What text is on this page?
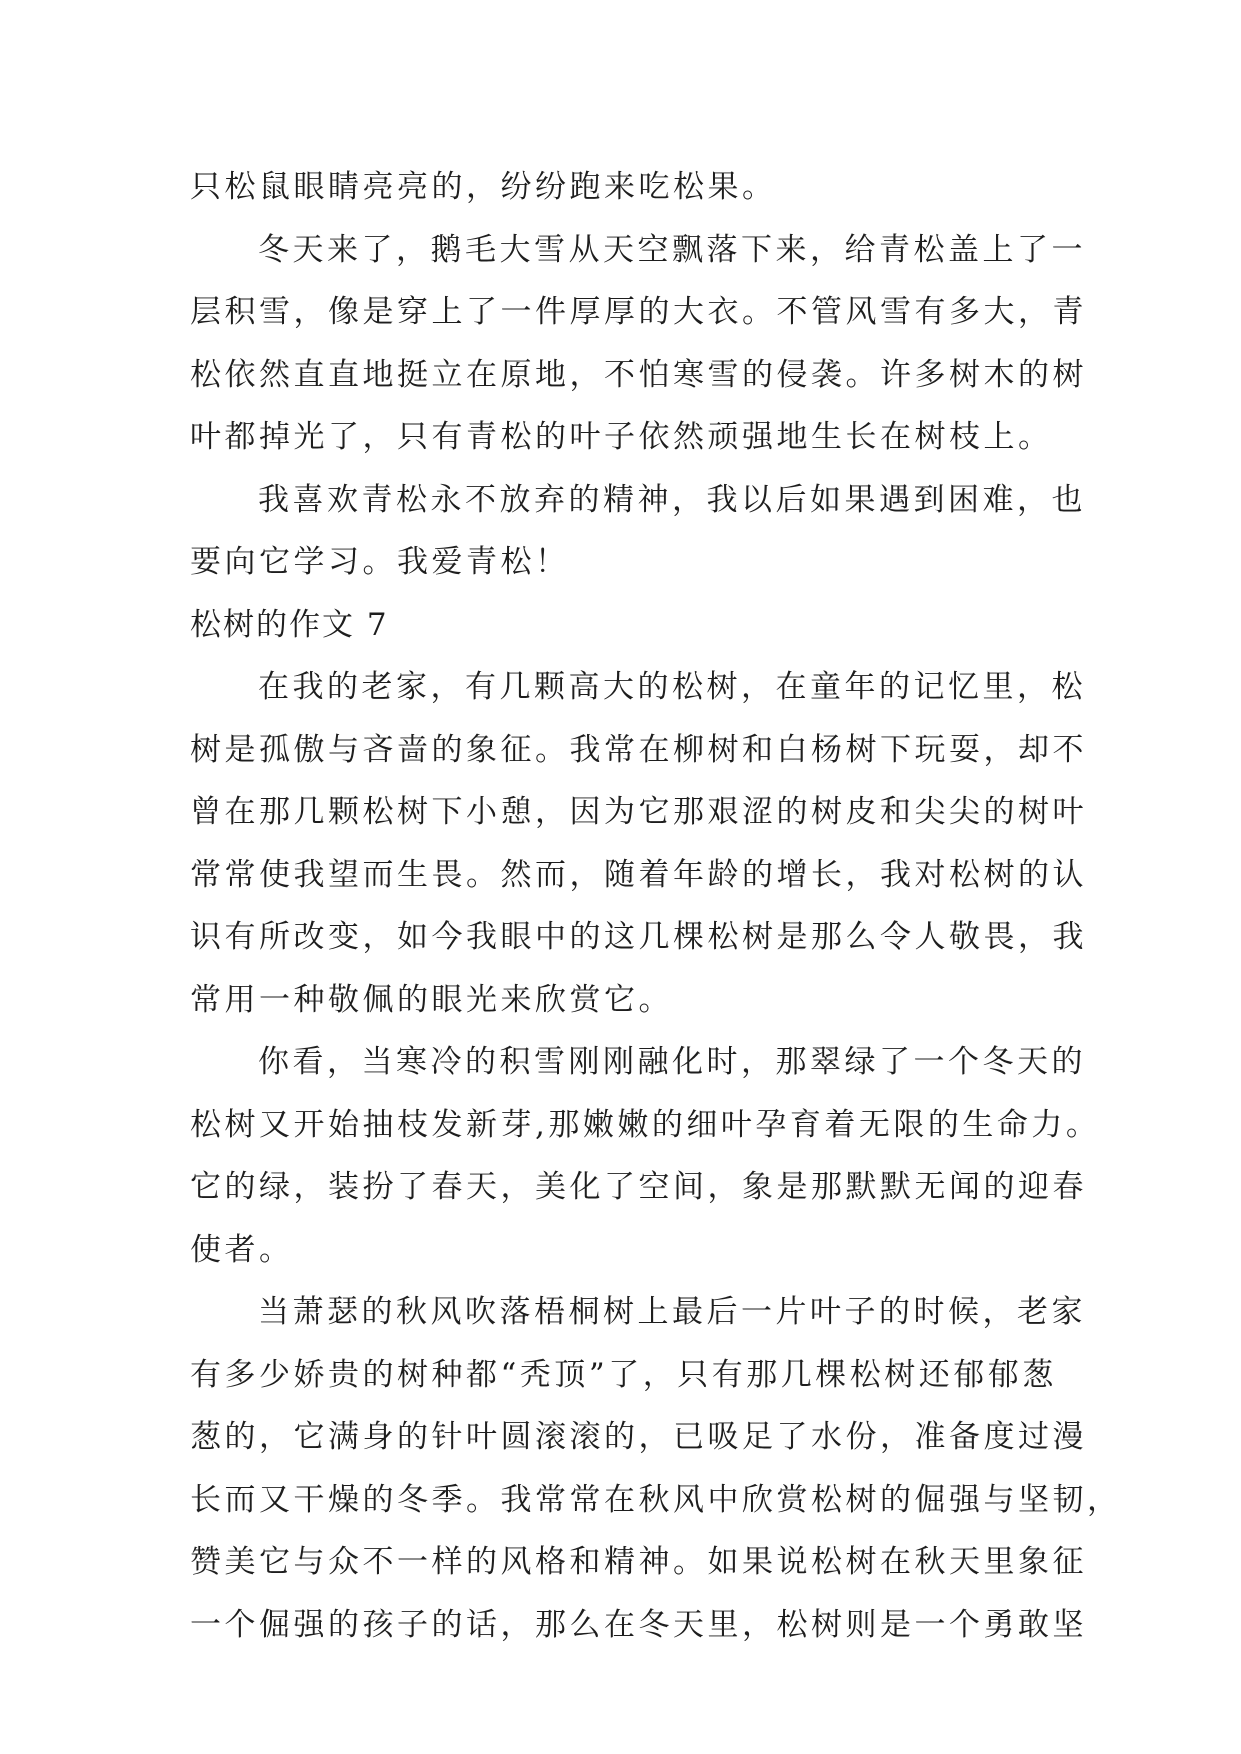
只松鼠眼睛亮亮的，纷纷跑来吃松果。
冬天来了，鹅毛大雪从天空飘落下来，给青松盖上了一
层积雪，像是穿上了一件厚厚的大衣。不管风雪有多大，青
松依然直直地挺立在原地，不怕寒雪的侵袭。许多树木的树
叶都掉光了，只有青松的叶子依然顽强地生长在树枝上。
我喜欢青松永不放弃的精神，我以后如果遇到困难，也
要向它学习。我爱青松！
松树的作文 7
在我的老家，有几颗高大的松树，在童年的记忆里，松
树是孤傲与吝啬的象征。我常在柳树和白杨树下玩耍，却不
曾在那几颗松树下小憩，因为它那艰涩的树皮和尖尖的树叶
常常使我望而生畏。然而，随着年龄的增长，我对松树的认
识有所改变，如今我眼中的这几棵松树是那么令人敬畏，我
常用一种敬佩的眼光来欣赏它。
你看，当寒冷的积雪刚刚融化时，那翠绿了一个冬天的
松树又开始抽枝发新芽,那嫩嫩的细叶孕育着无限的生命力。
它的绿，装扮了春天，美化了空间，象是那默默无闻的迎春
使者。
当萧瑟的秋风吹落梧桐树上最后一片叶子的时候，老家
有多少娇贵的树种都“秃顶”了，只有那几棵松树还郁郁葱
葱的，它满身的针叶圆滚滚的，已吸足了水份，准备度过漫
长而又干燥的冬季。我常常在秋风中欣赏松树的倔强与坚韧，
赞美它与众不一样的风格和精神。如果说松树在秋天里象征
一个倔强的孩子的话，那么在冬天里，松树则是一个勇敢坚
